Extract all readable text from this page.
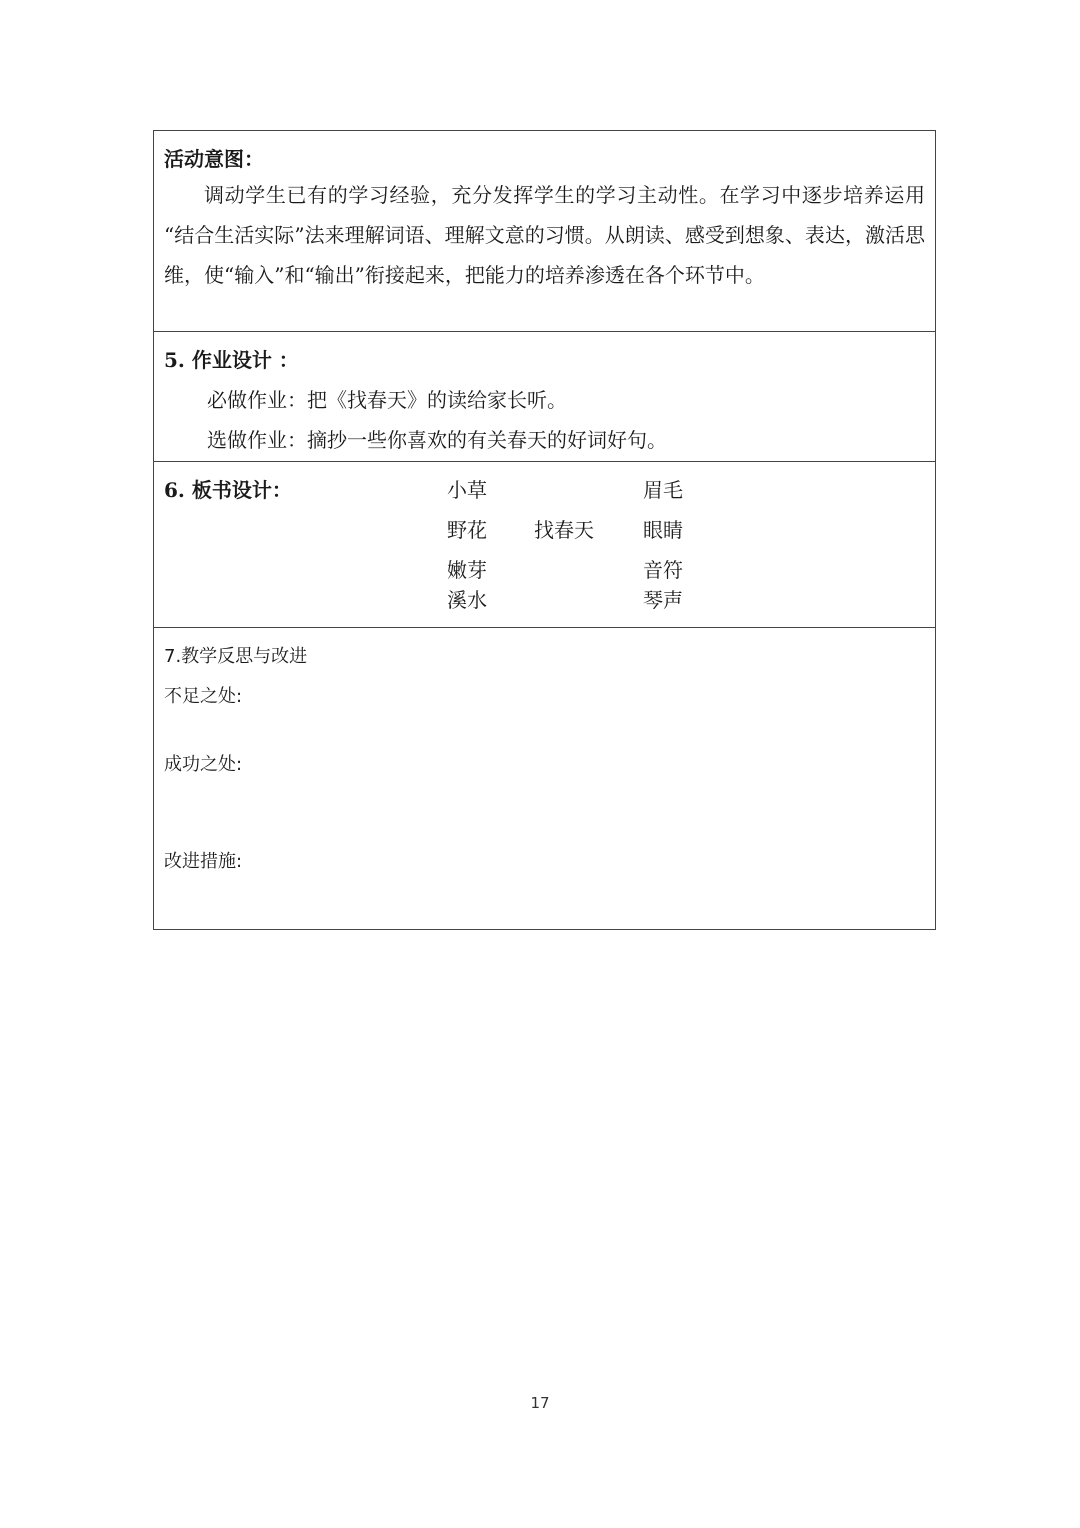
活动意图：
调动学生已有的学习经验，充分发挥学生的学习主动性。在学习中逐步培养运用 “结合生活实际”法来理解词语、理解文意的习惯。从朗读、感受到想象、表达，激活思维，使“输入”和“输出”衔接起来，把能力的培养渗透在各个环节中。
5. 作业设计 ：
必做作业：把《找春天》的读给家长听。
选做作业：摘抄一些你喜欢的有关春天的好词好句。
6. 板书设计：	小草
野花
嫩芽
溪水
找春天
眉毛
眼睛
音符
琴声
7.教学反思与改进
不足之处:
成功之处:
改进措施:
17
